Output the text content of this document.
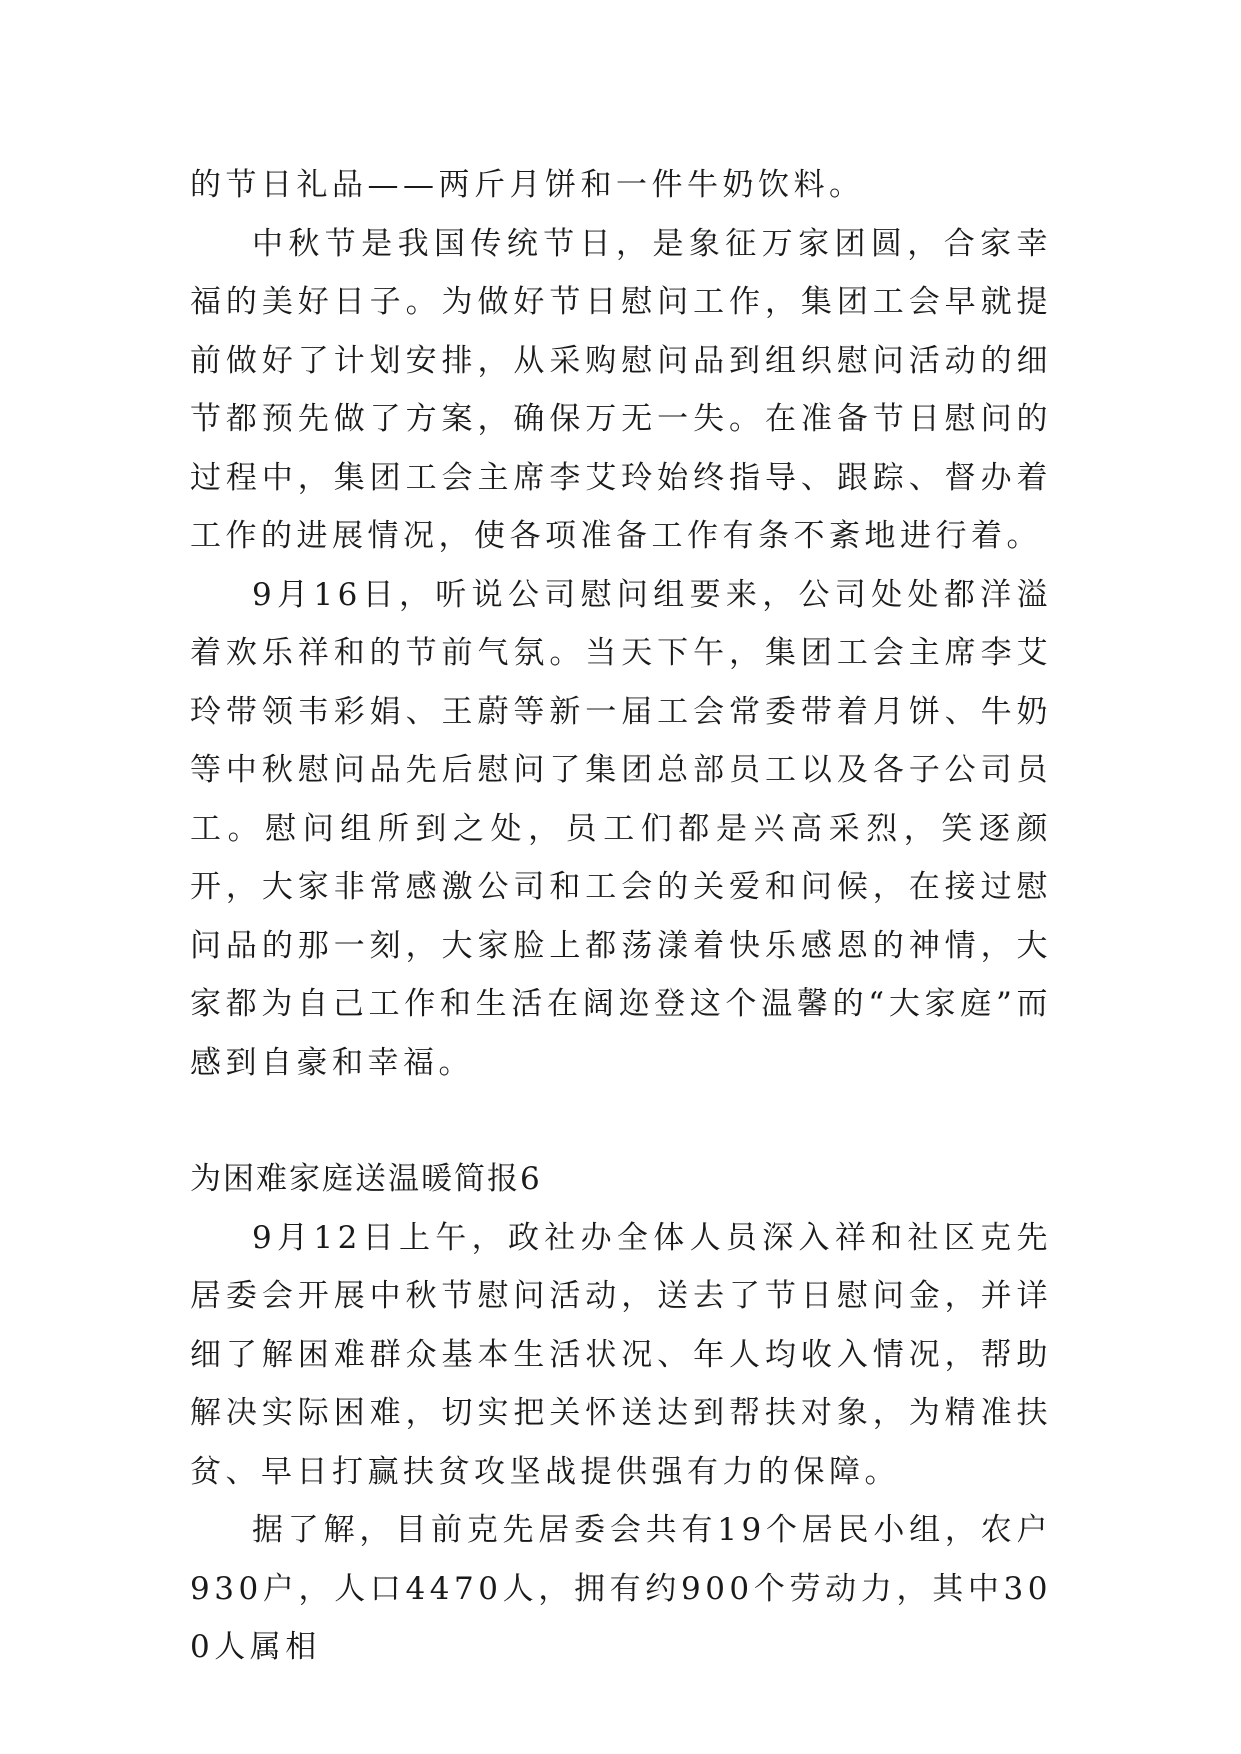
的节日礼品——两斤月饼和一件牛奶饮料。

中秋节是我国传统节日，是象征万家团圆，合家幸福的美好日子。为做好节日慰问工作，集团工会早就提前做好了计划安排，从采购慰问品到组织慰问活动的细节都预先做了方案，确保万无一失。在准备节日慰问的过程中，集团工会主席李艾玲始终指导、跟踪、督办着工作的进展情况，使各项准备工作有条不紊地进行着。

9月16日，听说公司慰问组要来，公司处处都洋溢着欢乐祥和的节前气氛。当天下午，集团工会主席李艾玲带领韦彩娟、王蔚等新一届工会常委带着月饼、牛奶等中秋慰问品先后慰问了集团总部员工以及各子公司员工。慰问组所到之处，员工们都是兴高采烈，笑逐颜开，大家非常感激公司和工会的关爱和问候，在接过慰问品的那一刻，大家脸上都荡漾着快乐感恩的神情，大家都为自己工作和生活在阔迩登这个温馨的“大家庭”而感到自豪和幸福。

为困难家庭送温暖简报6

9月12日上午，政社办全体人员深入祥和社区克先居委会开展中秋节慰问活动，送去了节日慰问金，并详细了解困难群众基本生活状况、年人均收入情况，帮助解决实际困难，切实把关怀送达到帮扶对象，为精准扶贫、早日打赢扶贫攻坚战提供强有力的保障。

据了解，目前克先居委会共有19个居民小组，农户930户，人口4470人，拥有约900个劳动力，其中300人属相
